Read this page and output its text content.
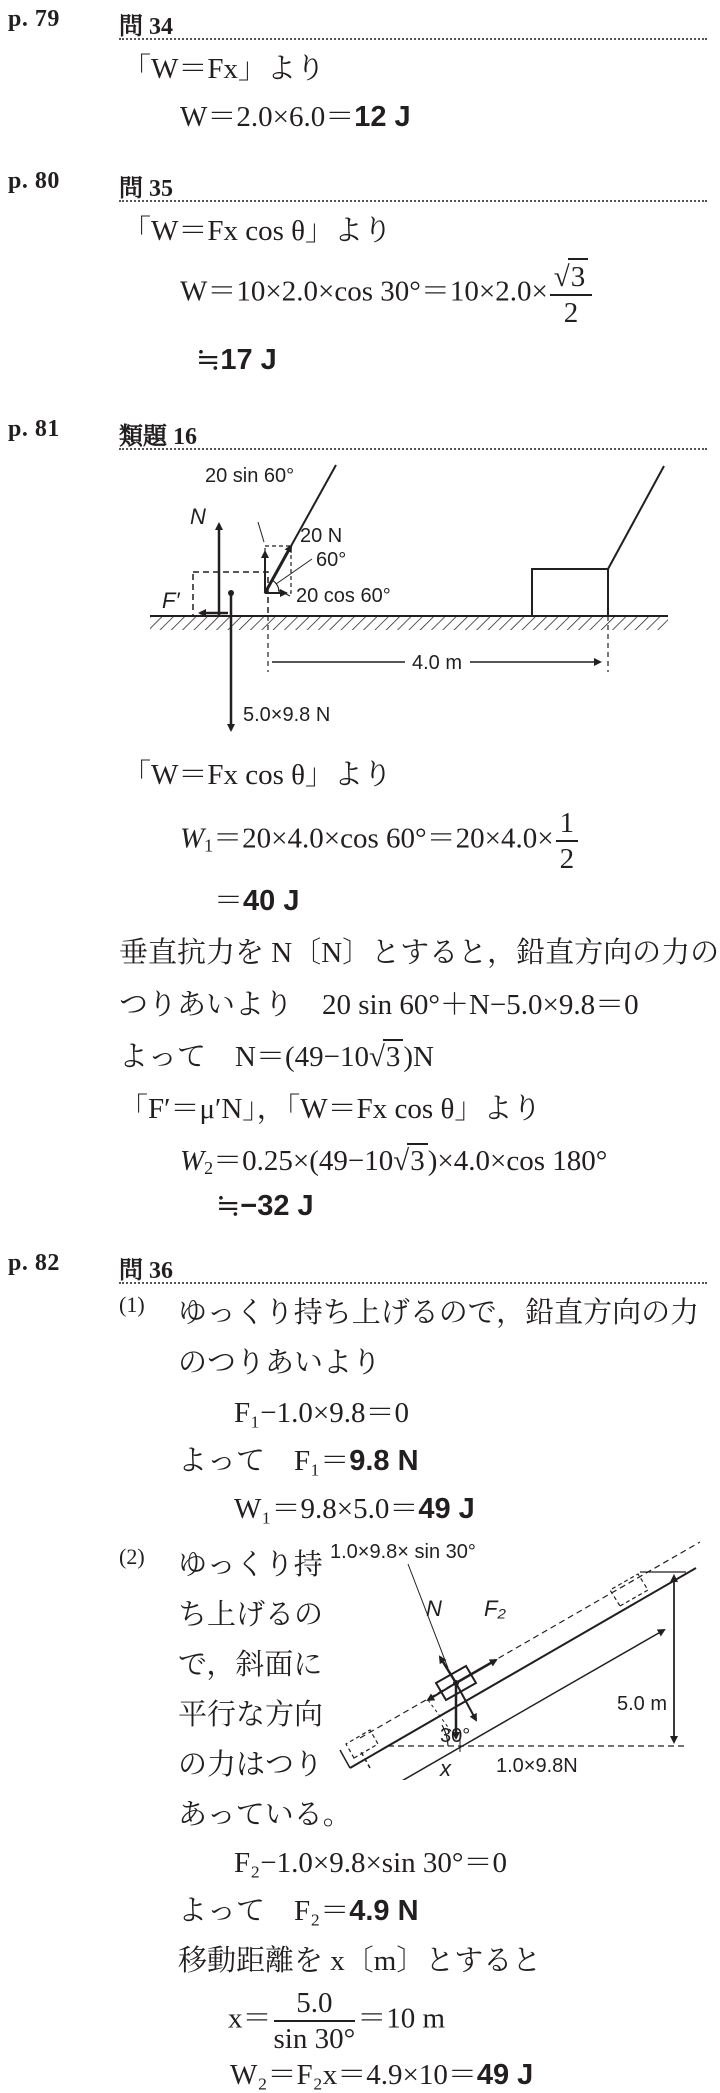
p. 79 問 34
「W＝Fx」より
W＝2.0×6.0＝12 J
p. 80 問 35
「W＝Fx cos θ」より
W＝10×2.0×cos $30^\circ=10\times 2.0\times \frac{√3}{2}$
≒17 J
p. 81 類題 16
20 sin 60°
N
20 N
60°
20 cos 60°
F′
4.0 m
5.0×9.8 N
「W＝Fx cos θ」より
$W_1=20\times 4.0\times\cos$ $60^\circ=20\times 4.0\times \frac{1}{2}$
＝40 J
垂直抗力を N〔N〕とすると，鉛直方向の力の
つりあいより　20 sin 60°＋N−5.0×9.8＝0
よって　N＝(49−10√3 )N
「F′＝μ′N」，「W＝Fx cos θ」より
$W_2=0.25\times(49-10√3$ )×4.0×cos 180°
≒−32 J
p. 82 問 36
(1) ゆっくり持ち上げるので，鉛直方向の力
のつりあいより
F₁−1.0×9.8＝0
よって　F₁＝9.8 N
W₁＝9.8×5.0＝49 J
(2) ゆっくり持
ち上げるの
で，斜面に
平行な方向
の力はつり
あっている。
1.0×9.8× sin 30°
N F₂
5.0 m
30°
x 1.0×9.8N
F₂−1.0×9.8×sin 30°＝0
よって　F₂＝4.9 N
移動距離を x〔m〕とすると
$x= \frac{5.0}{\sin 30^\circ} =10$ m
W₂＝F₂x＝4.9×10＝49 J
